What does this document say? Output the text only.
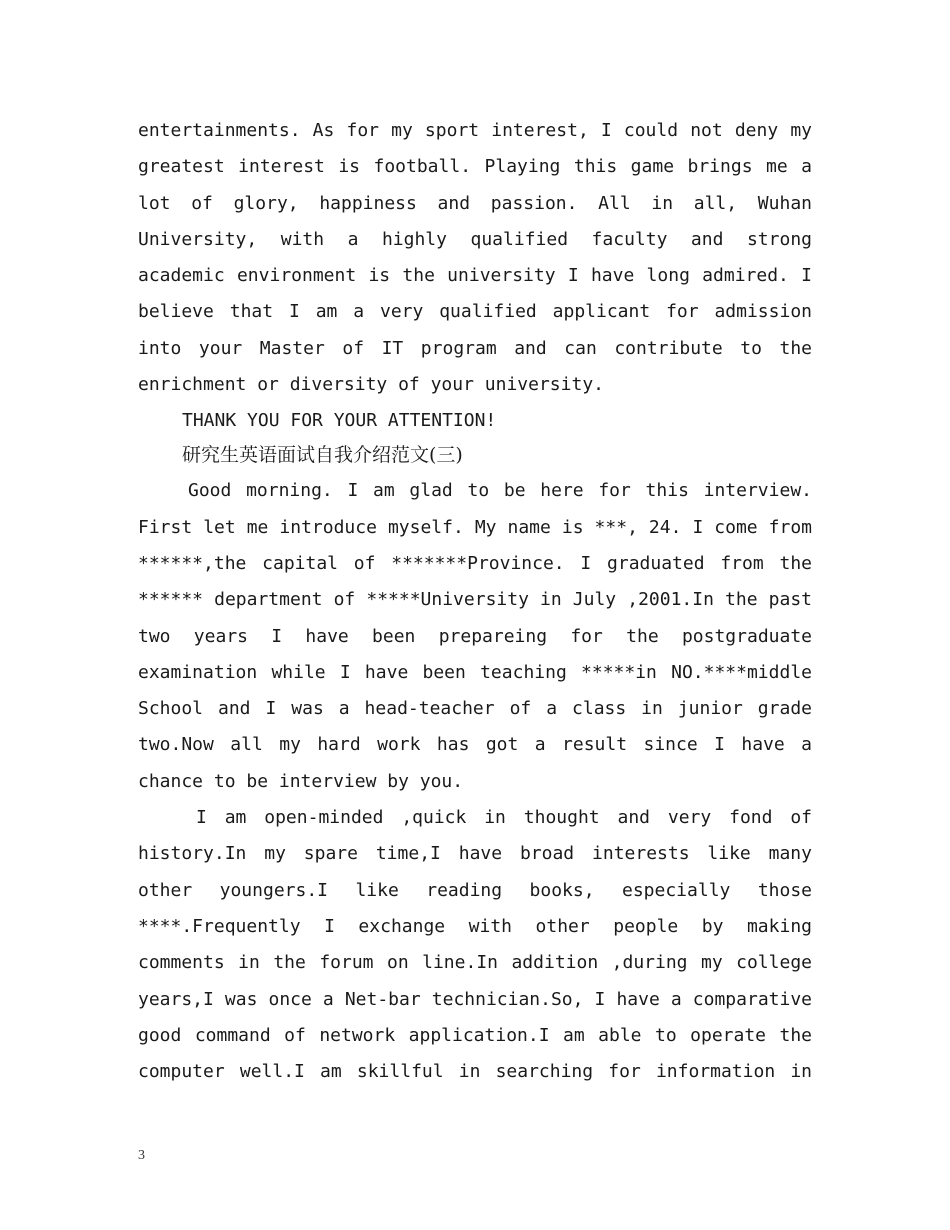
entertainments. As for my sport interest, I could not deny my
greatest interest is football. Playing this game brings me a
lot of glory, happiness and passion. All in all, Wuhan
University, with a highly qualified faculty and strong
academic environment is the university I have long admired. I
believe that I am a very qualified applicant for admission
into your Master of IT program and can contribute to the
enrichment or diversity of your university.
THANK YOU FOR YOUR ATTENTION!
研究生英语面试自我介绍范文(三)
Good morning. I am glad to be here for this interview.
First let me introduce myself. My name is ***, 24. I come from
******,the capital of *******Province. I graduated from the
****** department of *****University in July ,2001.In the past
two years I have been prepareing for the postgraduate
examination while I have been teaching *****in NO.****middle
School and I was a head-teacher of a class in junior grade
two.Now all my hard work has got a result since I have a
chance to be interview by you.
I am open-minded ,quick in thought and very fond of
history.In my spare time,I have broad interests like many
other youngers.I like reading books, especially those
****.Frequently I exchange with other people by making
comments in the forum on line.In addition ,during my college
years,I was once a Net-bar technician.So, I have a comparative
good command of network application.I am able to operate the
computer well.I am skillful in searching for information in
3
